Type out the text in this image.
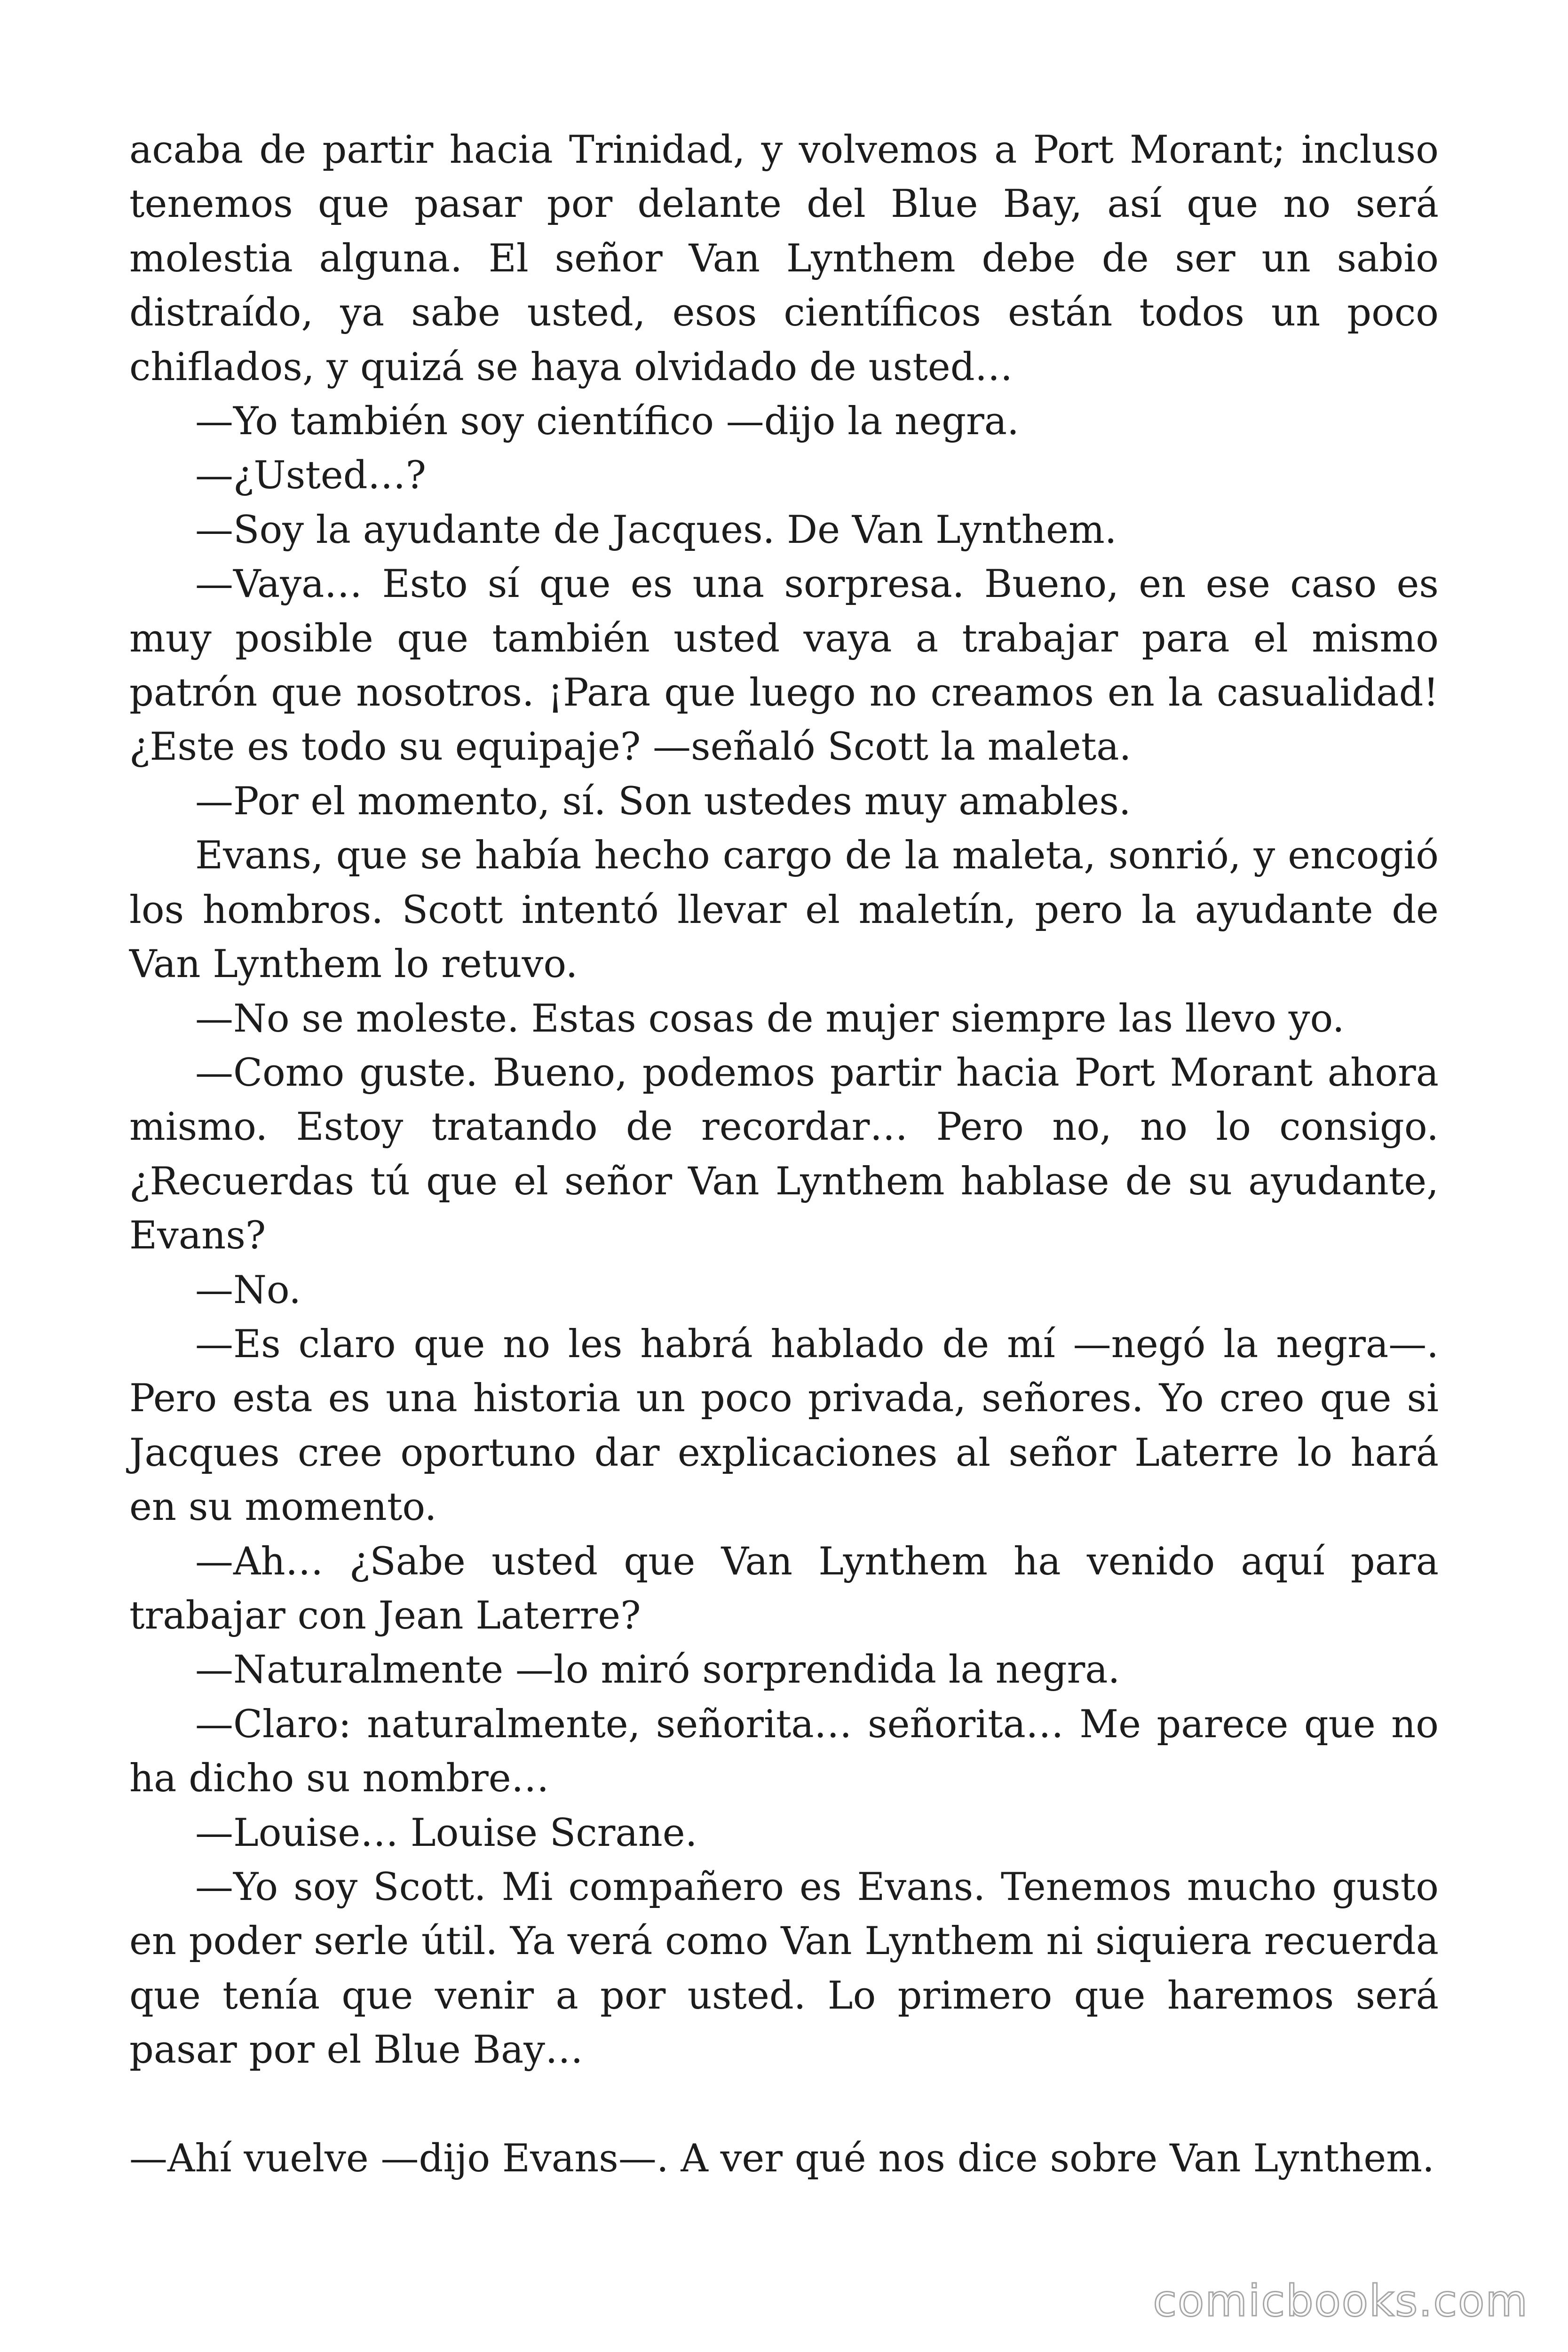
acaba de partir hacia Trinidad, y volvemos a Port Morant; incluso tenemos que pasar por delante del Blue Bay, así que no será molestia alguna. El señor Van Lynthem debe de ser un sabio distraído, ya sabe usted, esos científicos están todos un poco chiflados, y quizá se haya olvidado de usted…

—Yo también soy científico —dijo la negra.

—¿Usted…?

—Soy la ayudante de Jacques. De Van Lynthem.

—Vaya… Esto sí que es una sorpresa. Bueno, en ese caso es muy posible que también usted vaya a trabajar para el mismo patrón que nosotros. ¡Para que luego no creamos en la casualidad! ¿Este es todo su equipaje? —señaló Scott la maleta.

—Por el momento, sí. Son ustedes muy amables.

Evans, que se había hecho cargo de la maleta, sonrió, y encogió los hombros. Scott intentó llevar el maletín, pero la ayudante de Van Lynthem lo retuvo.

—No se moleste. Estas cosas de mujer siempre las llevo yo.

—Como guste. Bueno, podemos partir hacia Port Morant ahora mismo. Estoy tratando de recordar… Pero no, no lo consigo. ¿Recuerdas tú que el señor Van Lynthem hablase de su ayudante, Evans?

—No.

—Es claro que no les habrá hablado de mí —negó la negra—. Pero esta es una historia un poco privada, señores. Yo creo que si Jacques cree oportuno dar explicaciones al señor Laterre lo hará en su momento.

—Ah… ¿Sabe usted que Van Lynthem ha venido aquí para trabajar con Jean Laterre?

—Naturalmente —lo miró sorprendida la negra.

—Claro: naturalmente, señorita… señorita… Me parece que no ha dicho su nombre…

—Louise… Louise Scrane.

—Yo soy Scott. Mi compañero es Evans. Tenemos mucho gusto en poder serle útil. Ya verá como Van Lynthem ni siquiera recuerda que tenía que venir a por usted. Lo primero que haremos será pasar por el Blue Bay…

—Ahí vuelve —dijo Evans—. A ver qué nos dice sobre Van Lynthem.

comicbooks.com
